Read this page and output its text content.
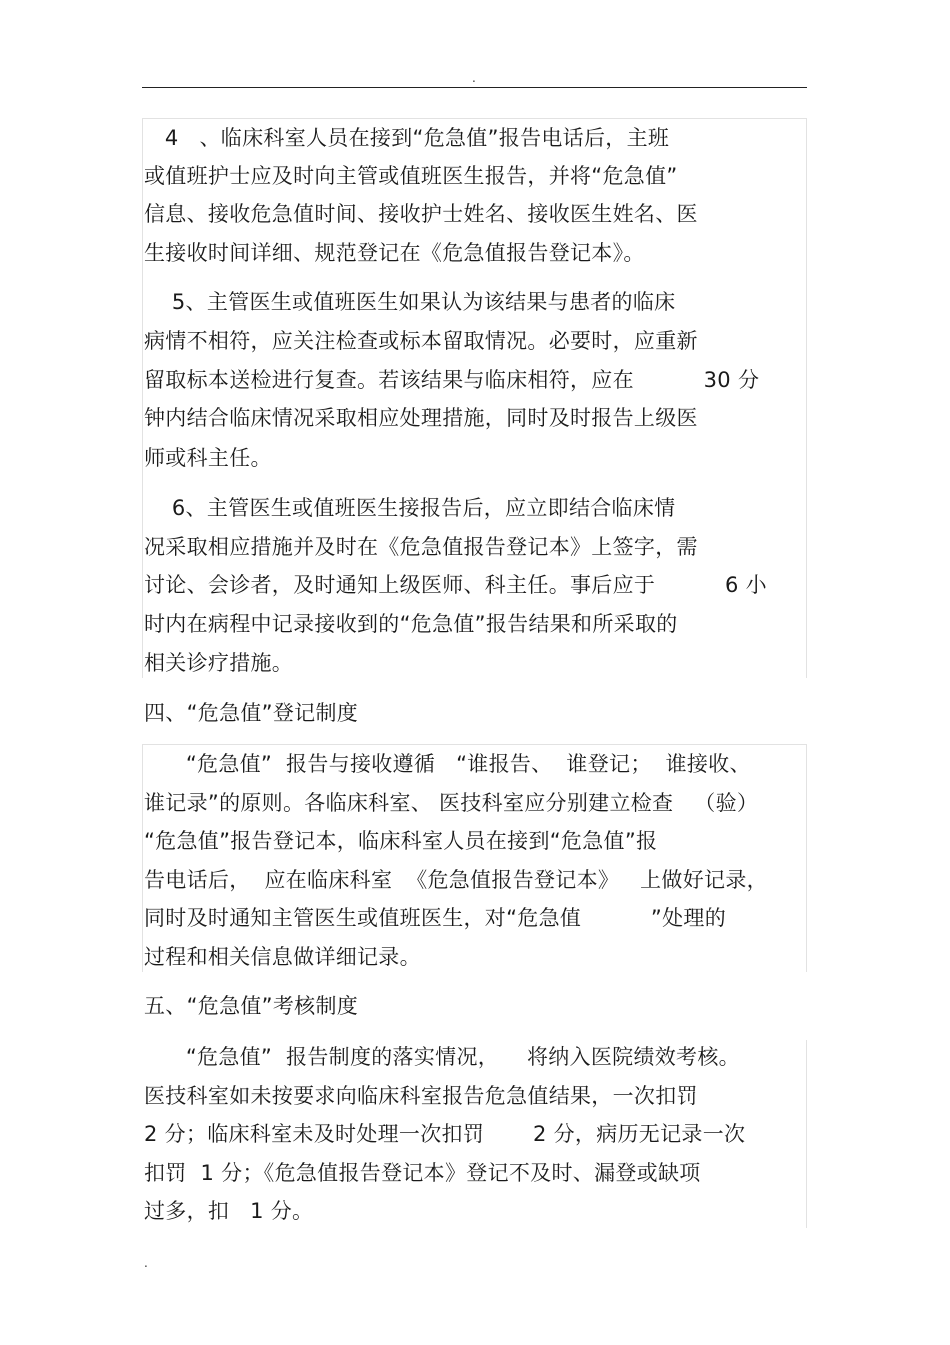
.
4   、临床科室人员在接到“危急值”报告电话后，主班
或值班护士应及时向主管或值班医生报告，并将“危急值”
信息、接收危急值时间、接收护士姓名、接收医生姓名、医
生接收时间详细、规范登记在《危急值报告登记本》。
5、主管医生或值班医生如果认为该结果与患者的临床
病情不相符，应关注检查或标本留取情况。必要时，应重新
留取标本送检进行复查。若该结果与临床相符，应在          30 分
钟内结合临床情况采取相应处理措施，同时及时报告上级医
师或科主任。
6、主管医生或值班医生接报告后，应立即结合临床情
况采取相应措施并及时在《危急值报告登记本》上签字，需
讨论、会诊者，及时通知上级医师、科主任。事后应于          6 小
时内在病程中记录接收到的“危急值”报告结果和所采取的
相关诊疗措施。
四、“危急值”登记制度
“危急值”  报告与接收遵循   “谁报告、  谁登记；  谁接收、
谁记录”的原则。各临床科室、 医技科室应分别建立检查   （验）
“危急值”报告登记本，临床科室人员在接到“危急值”报
告电话后，  应在临床科室  《危急值报告登记本》   上做好记录，
同时及时通知主管医生或值班医生，对“危急值          ”处理的
过程和相关信息做详细记录。
五、“危急值”考核制度
“危急值”  报告制度的落实情况，    将纳入医院绩效考核。
医技科室如未按要求向临床科室报告危急值结果，一次扣罚
2 分；临床科室未及时处理一次扣罚       2 分，病历无记录一次
扣罚  1 分；《危急值报告登记本》登记不及时、漏登或缺项
过多，扣   1 分。
.
